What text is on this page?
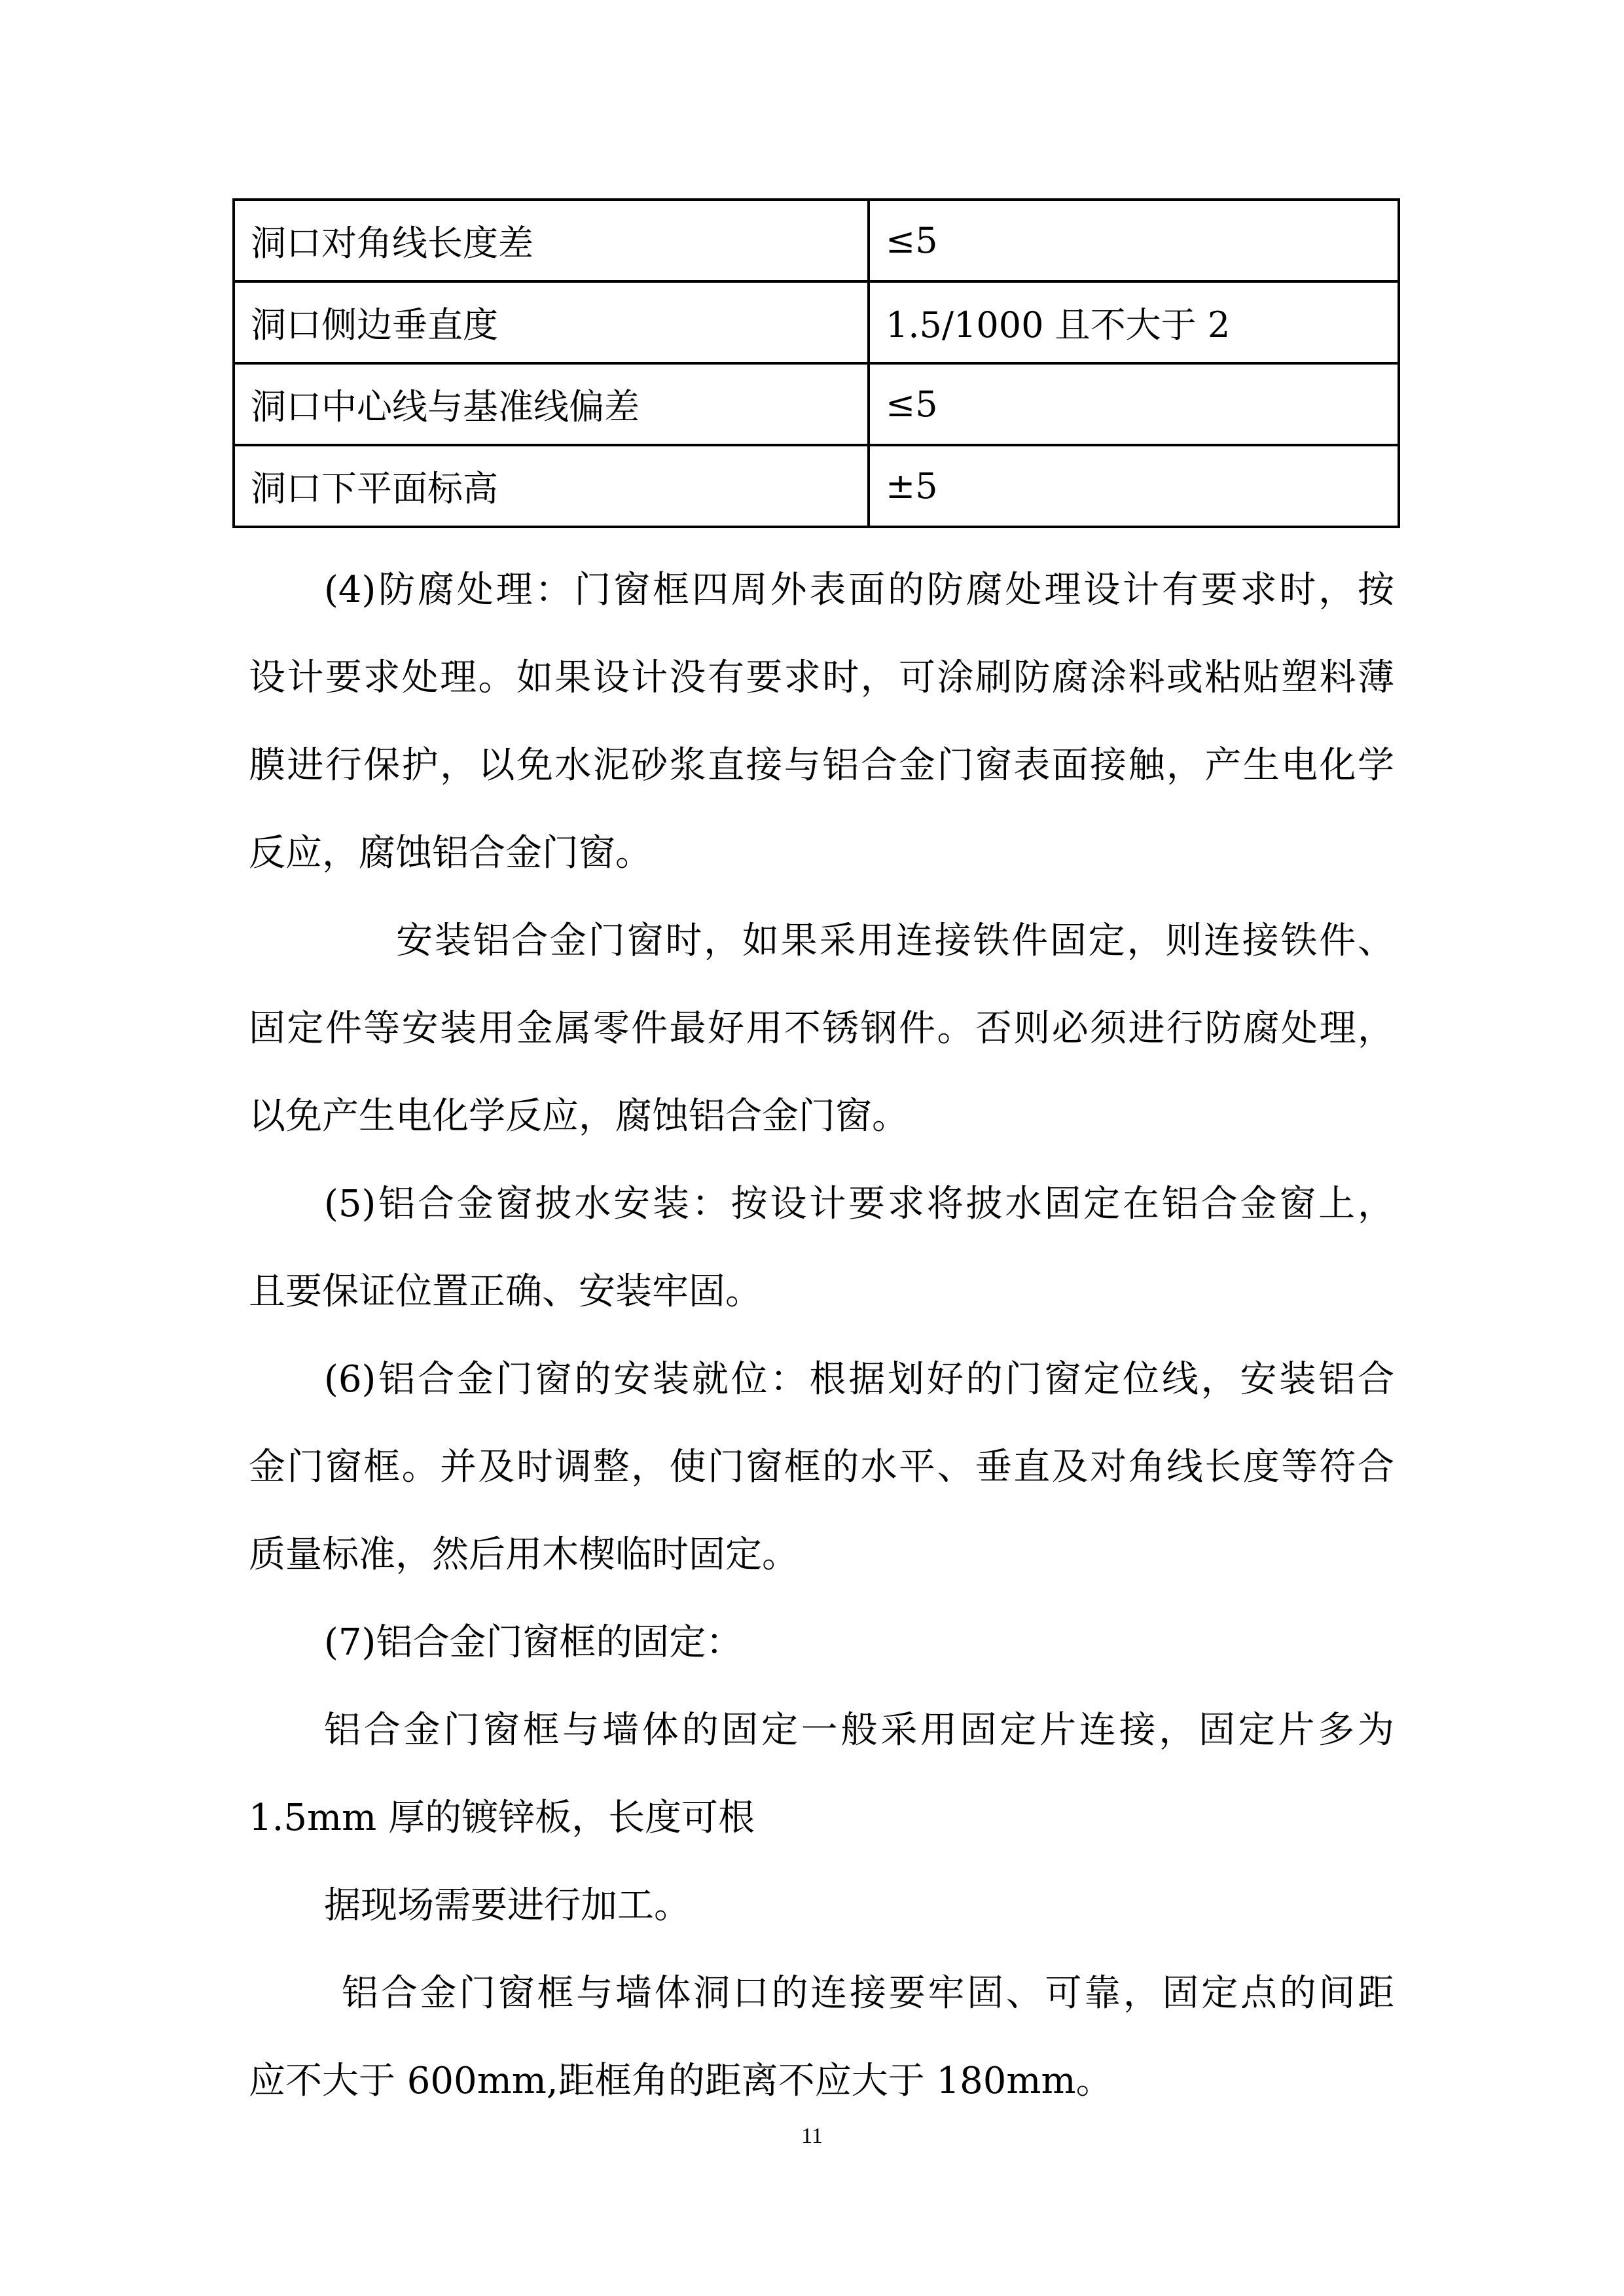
洞口对角线长度差	≤5
洞口侧边垂直度	1.5/1000 且不大于 2
洞口中心线与基准线偏差	≤5
洞口下平面标高	±5

(4)防腐处理：门窗框四周外表面的防腐处理设计有要求时，按

设计要求处理。如果设计没有要求时，可涂刷防腐涂料或粘贴塑料薄

膜进行保护，以免水泥砂浆直接与铝合金门窗表面接触，产生电化学

反应，腐蚀铝合金门窗。

安装铝合金门窗时，如果采用连接铁件固定，则连接铁件、

固定件等安装用金属零件最好用不锈钢件。否则必须进行防腐处理，

以免产生电化学反应，腐蚀铝合金门窗。

(5)铝合金窗披水安装：按设计要求将披水固定在铝合金窗上，

且要保证位置正确、安装牢固。

(6)铝合金门窗的安装就位：根据划好的门窗定位线，安装铝合

金门窗框。并及时调整，使门窗框的水平、垂直及对角线长度等符合

质量标准，然后用木楔临时固定。

(7)铝合金门窗框的固定：

铝合金门窗框与墙体的固定一般采用固定片连接，固定片多为

1.5mm 厚的镀锌板，长度可根

据现场需要进行加工。

铝合金门窗框与墙体洞口的连接要牢固、可靠，固定点的间距

应不大于 600mm,距框角的距离不应大于 180mm。

11
